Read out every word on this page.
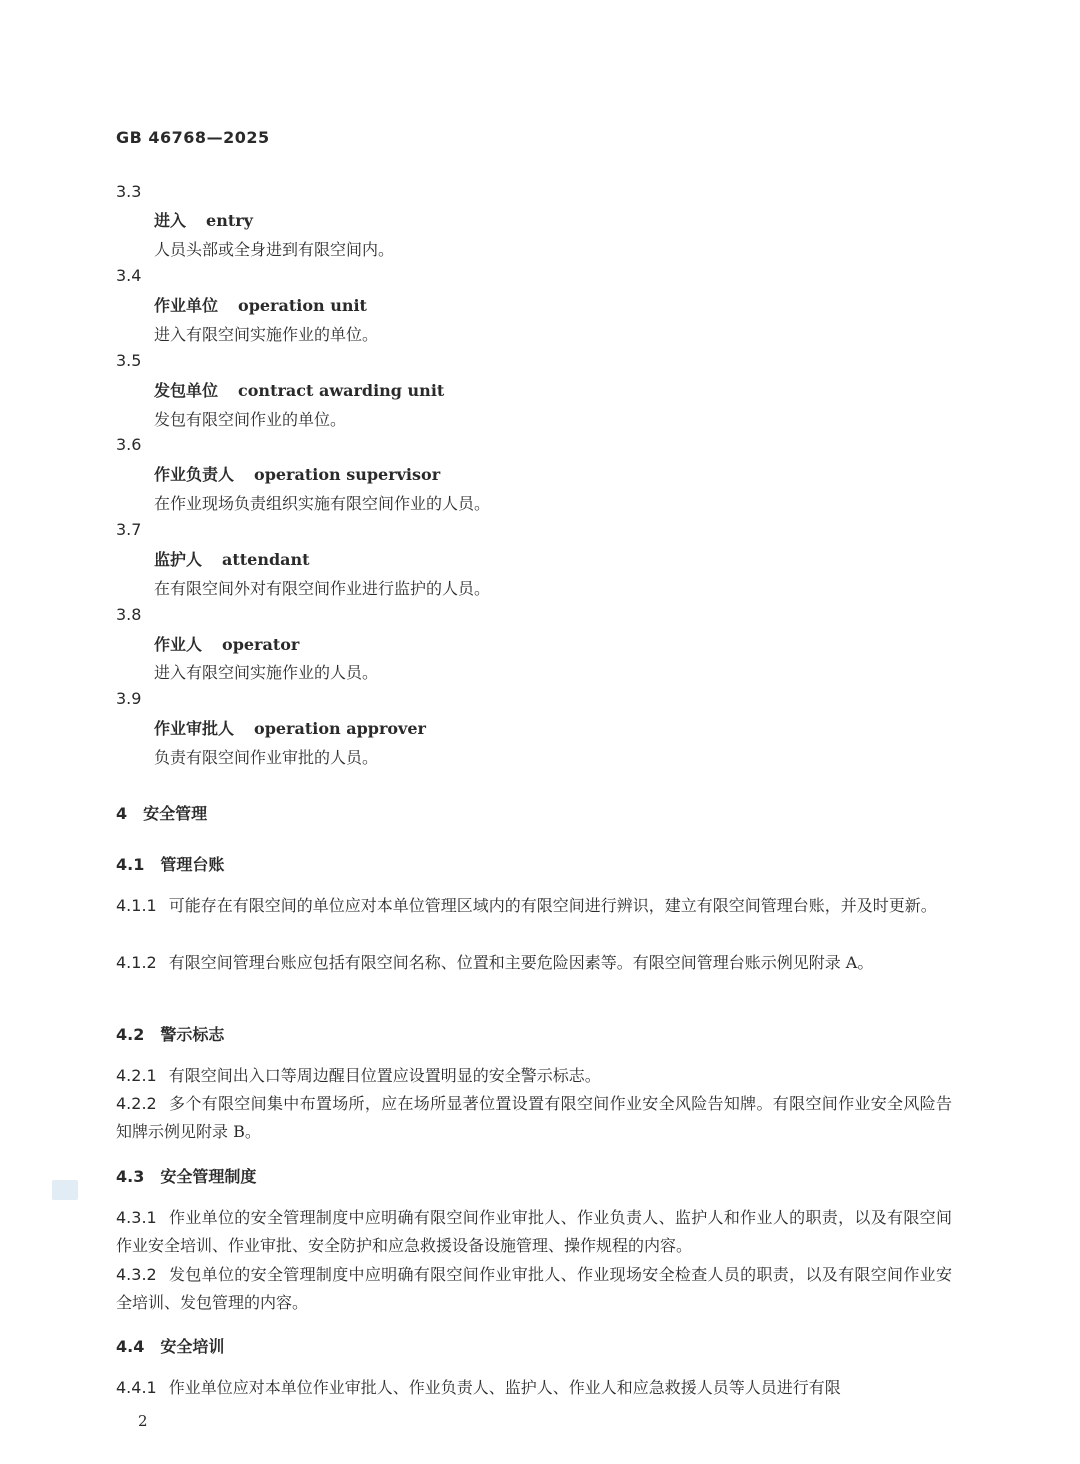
GB 46768—2025
3.3
进入 entry
人员头部或全身进到有限空间内。
3.4
作业单位 operation unit
进入有限空间实施作业的单位。
3.5
发包单位 contract awarding unit
发包有限空间作业的单位。
3.6
作业负责人 operation supervisor
在作业现场负责组织实施有限空间作业的人员。
3.7
监护人 attendant
在有限空间外对有限空间作业进行监护的人员。
3.8
作业人 operator
进入有限空间实施作业的人员。
3.9
作业审批人 operation approver
负责有限空间作业审批的人员。
4 安全管理
4.1 管理台账
4.1.1 可能存在有限空间的单位应对本单位管理区域内的有限空间进行辨识，建立有限空间管理台账，并及时更新。
4.1.2 有限空间管理台账应包括有限空间名称、位置和主要危险因素等。有限空间管理台账示例见附录 A。
4.2 警示标志
4.2.1 有限空间出入口等周边醒目位置应设置明显的安全警示标志。
4.2.2 多个有限空间集中布置场所，应在场所显著位置设置有限空间作业安全风险告知牌。有限空间作业安全风险告知牌示例见附录 B。
4.3 安全管理制度
4.3.1 作业单位的安全管理制度中应明确有限空间作业审批人、作业负责人、监护人和作业人的职责，以及有限空间作业安全培训、作业审批、安全防护和应急救援设备设施管理、操作规程的内容。
4.3.2 发包单位的安全管理制度中应明确有限空间作业审批人、作业现场安全检查人员的职责，以及有限空间作业安全培训、发包管理的内容。
4.4 安全培训
4.4.1 作业单位应对本单位作业审批人、作业负责人、监护人、作业人和应急救援人员等人员进行有限
2
